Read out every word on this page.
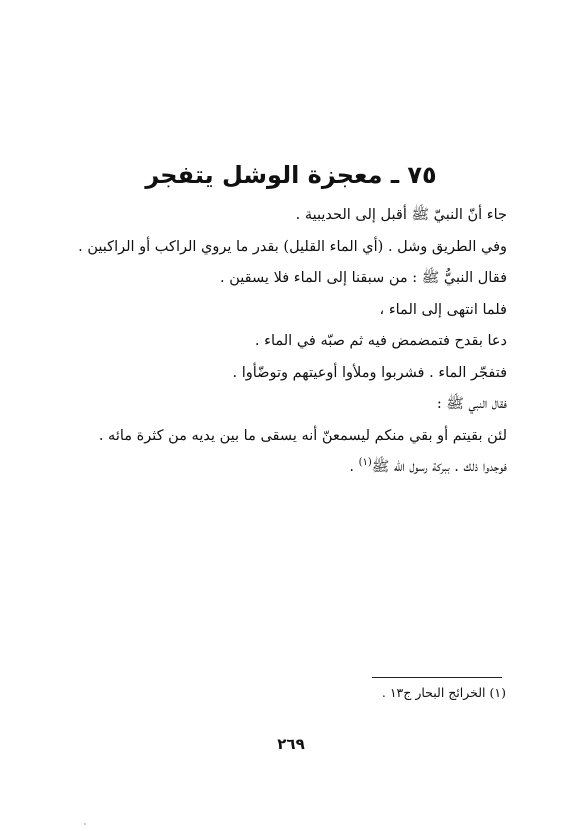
٧٥ ـ معجزة الوشل يتفجر

جاء أنّ النبيّ ﷺ أقبل إلى الحديبية .

وفي الطريق وشل . (أي الماء القليل) بقدر ما يروي الراكب أو الراكبين .

فقال النبيُّ ﷺ : من سبقنا إلى الماء فلا يسقين .

فلما انتهى إلى الماء ،

دعا بقدح فتمضمض فيه ثم صبّه في الماء .

فتفجّر الماء . فشربوا وملأوا أوعيتهم وتوضّأوا .

فقال النبي ﷺ :

لئن بقيتم أو بقي منكم ليسمعنّ أنه يسقى ما بين يديه من كثرة مائه .

فوجدوا ذلك . ببركة رسول الله ﷺ$^{(١)}$ .

(١) الخرائج البحار ج١٣ .
٢٦٩
